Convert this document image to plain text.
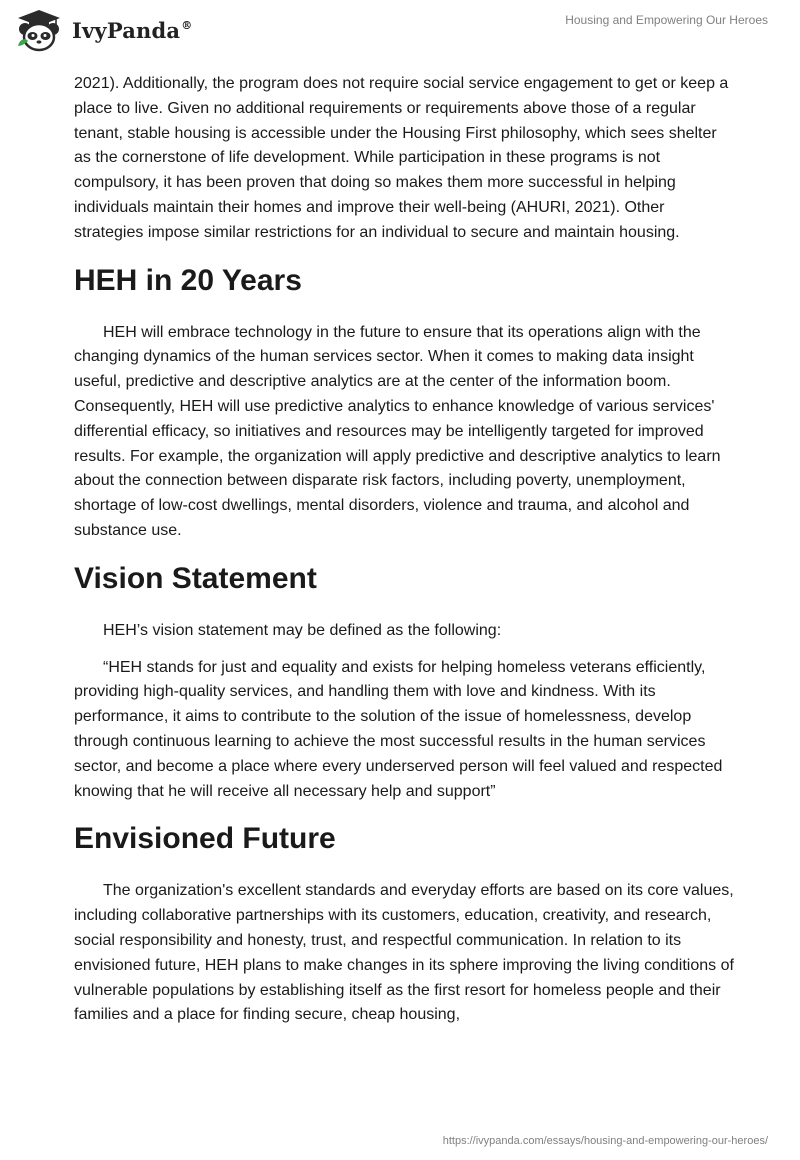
IvyPanda®	Housing and Empowering Our Heroes

2021). Additionally, the program does not require social service engagement to get or keep a place to live. Given no additional requirements or requirements above those of a regular tenant, stable housing is accessible under the Housing First philosophy, which sees shelter as the cornerstone of life development. While participation in these programs is not compulsory, it has been proven that doing so makes them more successful in helping individuals maintain their homes and improve their well-being (AHURI, 2021). Other strategies impose similar restrictions for an individual to secure and maintain housing.

HEH in 20 Years

HEH will embrace technology in the future to ensure that its operations align with the changing dynamics of the human services sector. When it comes to making data insight useful, predictive and descriptive analytics are at the center of the information boom. Consequently, HEH will use predictive analytics to enhance knowledge of various services' differential efficacy, so initiatives and resources may be intelligently targeted for improved results. For example, the organization will apply predictive and descriptive analytics to learn about the connection between disparate risk factors, including poverty, unemployment, shortage of low-cost dwellings, mental disorders, violence and trauma, and alcohol and substance use.

Vision Statement

HEH’s vision statement may be defined as the following:

“HEH stands for just and equality and exists for helping homeless veterans efficiently, providing high-quality services, and handling them with love and kindness. With its performance, it aims to contribute to the solution of the issue of homelessness, develop through continuous learning to achieve the most successful results in the human services sector, and become a place where every underserved person will feel valued and respected knowing that he will receive all necessary help and support”

Envisioned Future

The organization's excellent standards and everyday efforts are based on its core values, including collaborative partnerships with its customers, education, creativity, and research, social responsibility and honesty, trust, and respectful communication. In relation to its envisioned future, HEH plans to make changes in its sphere improving the living conditions of vulnerable populations by establishing itself as the first resort for homeless people and their families and a place for finding secure, cheap housing,

https://ivypanda.com/essays/housing-and-empowering-our-heroes/
